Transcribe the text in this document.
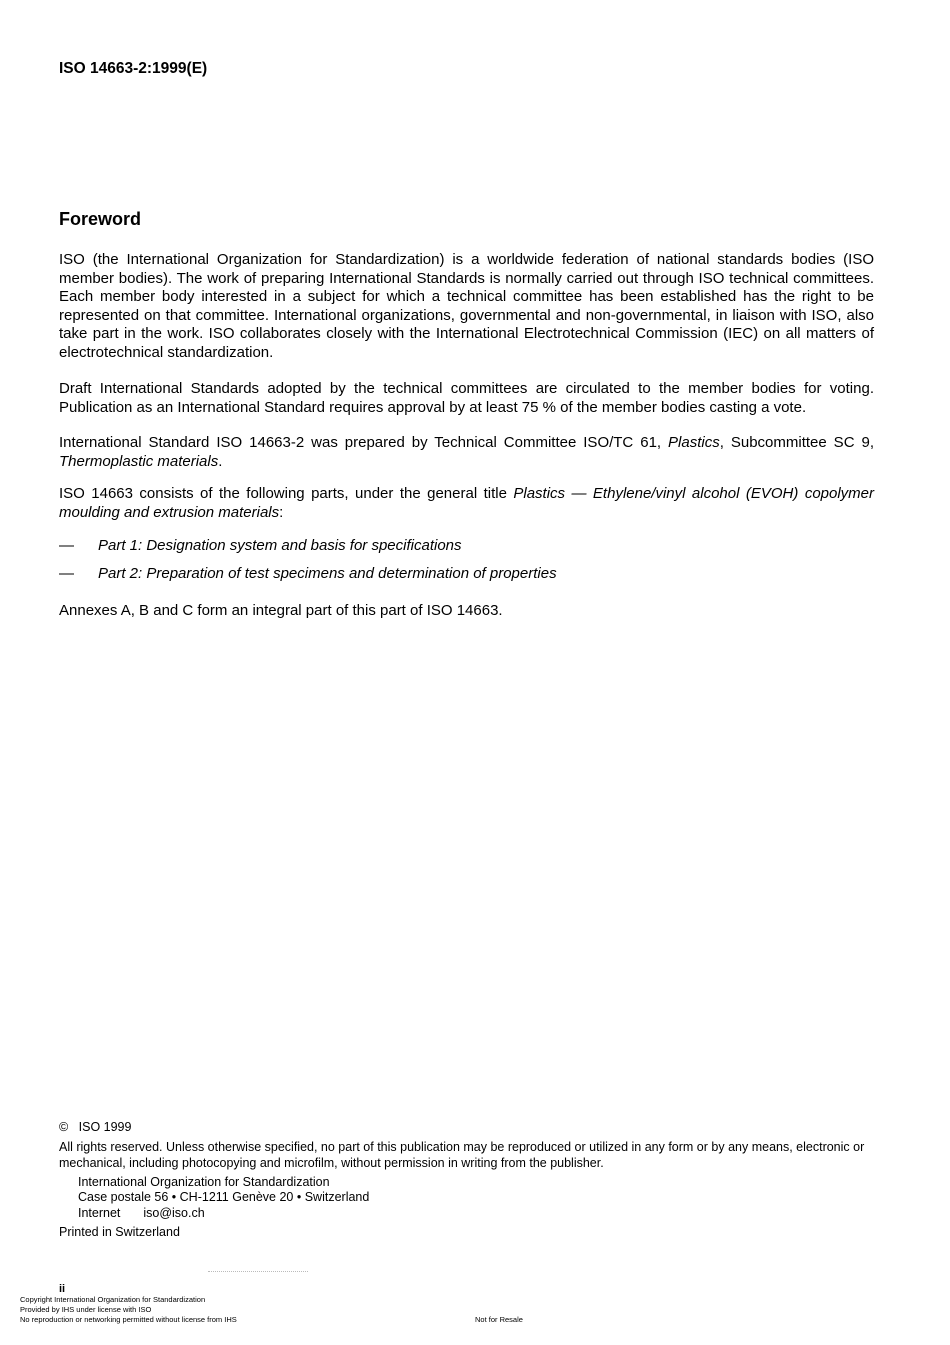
ISO 14663-2:1999(E)
Foreword
ISO (the International Organization for Standardization) is a worldwide federation of national standards bodies (ISO member bodies). The work of preparing International Standards is normally carried out through ISO technical committees. Each member body interested in a subject for which a technical committee has been established has the right to be represented on that committee. International organizations, governmental and non-governmental, in liaison with ISO, also take part in the work. ISO collaborates closely with the International Electrotechnical Commission (IEC) on all matters of electrotechnical standardization.
Draft International Standards adopted by the technical committees are circulated to the member bodies for voting. Publication as an International Standard requires approval by at least 75 % of the member bodies casting a vote.
International Standard ISO 14663-2 was prepared by Technical Committee ISO/TC 61, Plastics, Subcommittee SC 9, Thermoplastic materials.
ISO 14663 consists of the following parts, under the general title Plastics — Ethylene/vinyl alcohol (EVOH) copolymer moulding and extrusion materials:
— Part 1: Designation system and basis for specifications
— Part 2: Preparation of test specimens and determination of properties
Annexes A, B and C form an integral part of this part of ISO 14663.
©   ISO 1999
All rights reserved. Unless otherwise specified, no part of this publication may be reproduced or utilized in any form or by any means, electronic or mechanical, including photocopying and microfilm, without permission in writing from the publisher.
International Organization for Standardization
Case postale 56 • CH-1211 Genève 20 • Switzerland
Internet iso@iso.ch
Printed in Switzerland
ii
Copyright International Organization for Standardization
Provided by IHS under license with ISO
No reproduction or networking permitted without license from IHS	Not for Resale
